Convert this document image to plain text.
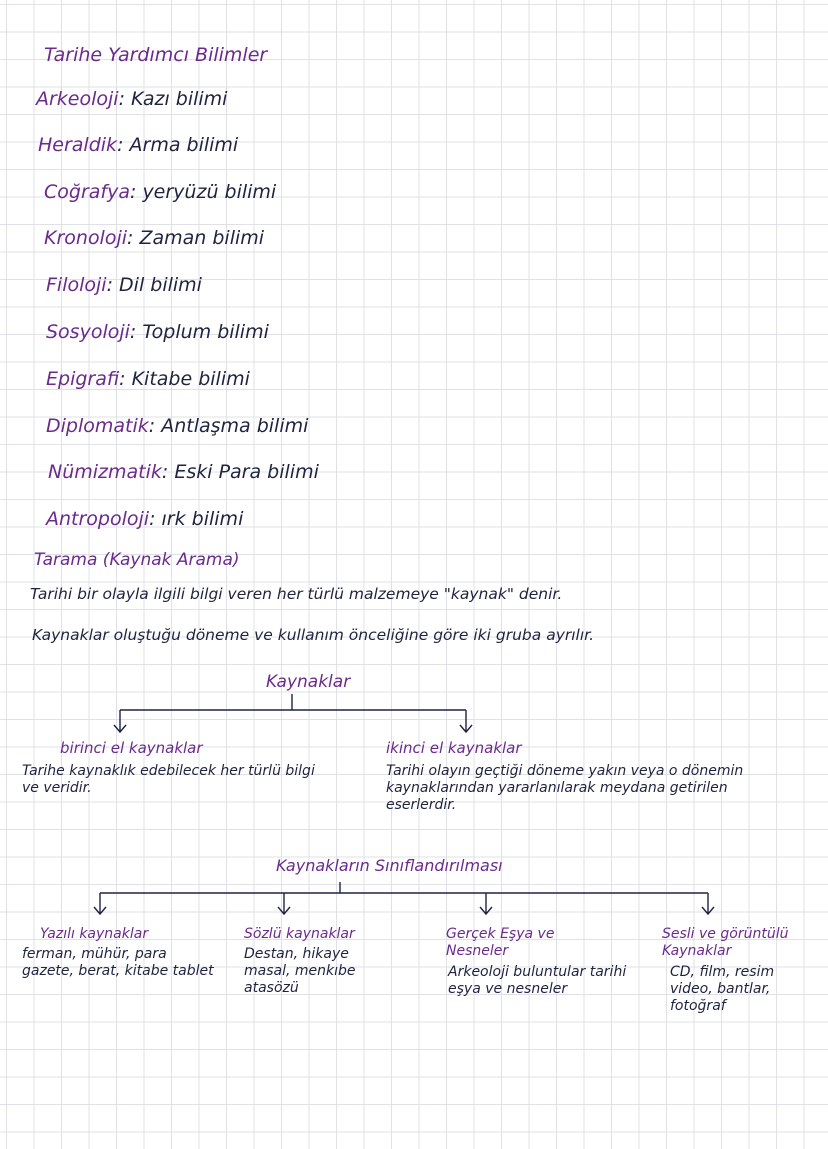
Tarihe Yardımcı Bilimler
Arkeoloji: Kazı bilimi
Heraldik: Arma bilimi
Coğrafya: yeryüzü bilimi
Kronoloji: Zaman bilimi
Filoloji: Dil bilimi
Sosyoloji: Toplum bilimi
Epigrafi: Kitabe bilimi
Diplomatik: Antlaşma bilimi
Nümizmatik: Eski Para bilimi
Antropoloji: ırk bilimi
Tarama (Kaynak Arama)
Tarihi bir olayla ilgili bilgi veren her türlü malzemeye "kaynak" denir.
Kaynaklar oluştuğu döneme ve kullanım önceliğine göre iki gruba ayrılır.
Kaynaklar
birinci el kaynaklar
Tarihe kaynaklık edebilecek her türlü bilgi ve veridir.
ikinci el kaynaklar
Tarihi olayın geçtiği döneme yakın veya o dönemin kaynaklarından yararlanılarak meydana getirilen eserlerdir.
Kaynakların Sınıflandırılması
Yazılı kaynaklar
ferman, mühür, para gazete, berat, kitabe tablet
Sözlü kaynaklar
Destan, hikaye masal, menkıbe atasözü
Gerçek Eşya ve Nesneler
Arkeoloji buluntular tarihi eşya ve nesneler
Sesli ve görüntülü Kaynaklar
CD, film, resim video, bantlar, fotoğraf
